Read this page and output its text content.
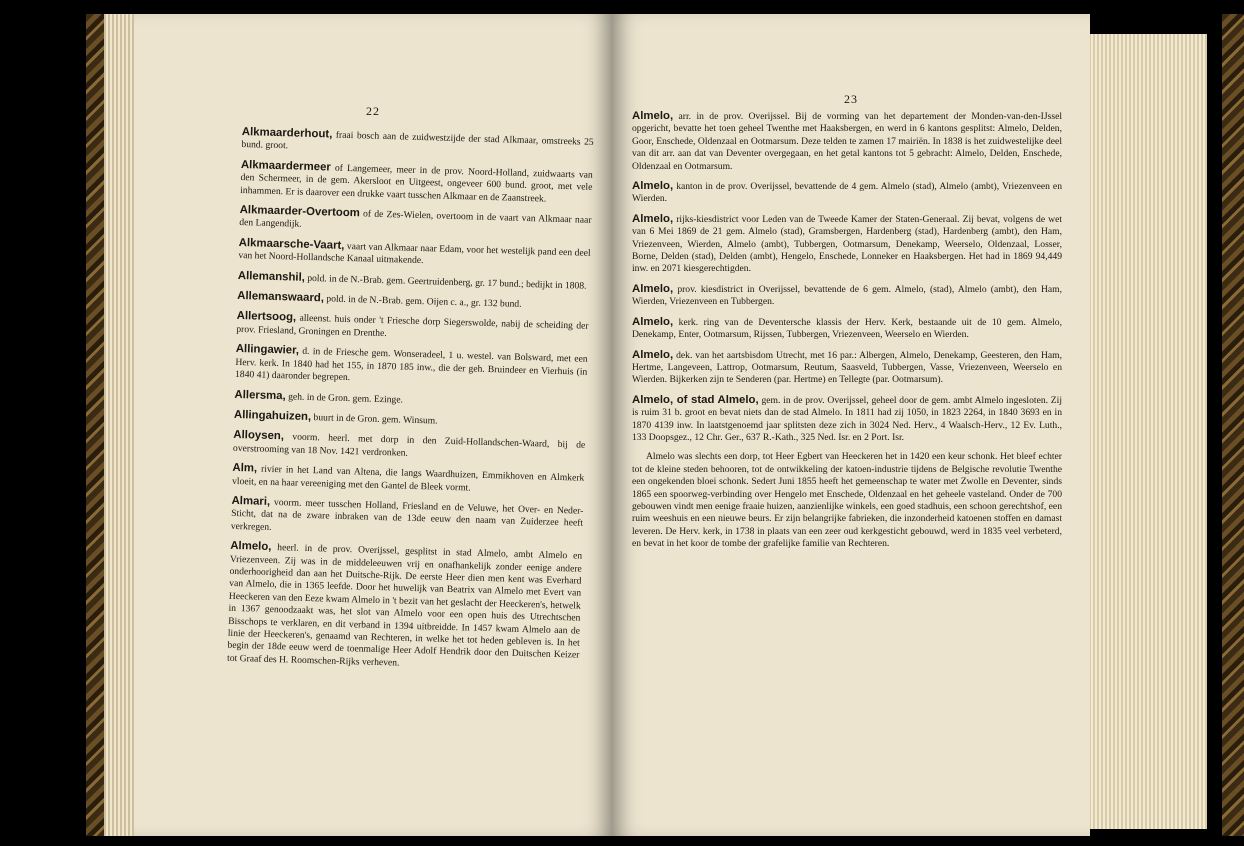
22

Alkmaarderhout, fraai bosch aan de zuidwestzijde der stad Alkmaar, omstreeks 25 bund. groot.

Alkmaardermeer of Langemeer, meer in de prov. Noord-Holland, zuidwaarts van den Schermeer, in de gem. Akersloot en Uitgeest, ongeveer 600 bund. groot, met vele inhammen. Er is daarover een drukke vaart tusschen Alkmaar en de Zaanstreek.

Alkmaarder-Overtoom of de Zes-Wielen, overtoom in de vaart van Alkmaar naar den Langendijk.

Alkmaarsche-Vaart, vaart van Alkmaar naar Edam, voor het westelijk pand een deel van het Noord-Hollandsche Kanaal uitmakende.

Allemanshil, pold. in de N.-Brab. gem. Geertruidenberg, gr. 17 bund.; bedijkt in 1808.

Allemanswaard, pold. in de N.-Brab. gem. Oijen c. a., gr. 132 bund.

Allertsoog, alleenst. huis onder 't Friesche dorp Siegerswolde, nabij de scheiding der prov. Friesland, Groningen en Drenthe.

Allingawier, d. in de Friesche gem. Wonseradeel, 1 u. westel. van Bolsward, met een Herv. kerk. In 1840 had het 155, in 1870 185 inw., die der geh. Bruindeer en Vierhuis (in 1840 41) daaronder begrepen.

Allersma, geh. in de Gron. gem. Ezinge.

Allingahuizen, buurt in de Gron. gem. Winsum.

Alloysen, voorm. heerl. met dorp in den Zuid-Hollandschen-Waard, bij de overstrooming van 18 Nov. 1421 verdronken.

Alm, rivier in het Land van Altena, die langs Waardhuizen, Emmikhoven en Almkerk vloeit, en na haar vereeniging met den Gantel de Bleek vormt.

Almari, voorm. meer tusschen Holland, Friesland en de Veluwe, het Over- en Neder-Sticht, dat na de zware inbraken van de 13de eeuw den naam van Zuiderzee heeft verkregen.

Almelo, heerl. in de prov. Overijssel, gesplitst in stad Almelo, ambt Almelo en Vriezenveen. Zij was in de middeleeuwen vrij en onafhankelijk zonder eenige andere onderhoorigheid dan aan het Duitsche-Rijk. De eerste Heer dien men kent was Everhard van Almelo, die in 1365 leefde. Door het huwelijk van Beatrix van Almelo met Evert van Heeckeren van den Eeze kwam Almelo in 't bezit van het geslacht der Heeckeren's, hetwelk in 1367 genoodzaakt was, het slot van Almelo voor een open huis des Utrechtschen Bisschops te verklaren, en dit verband in 1394 uitbreidde. In 1457 kwam Almelo aan de linie der Heeckeren's, genaamd van Rechteren, in welke het tot heden gebleven is. In het begin der 18de eeuw werd de toenmalige Heer Adolf Hendrik door den Duitschen Keizer tot Graaf des H. Roomschen-Rijks verheven.

23

Almelo, arr. in de prov. Overijssel. Bij de vorming van het departement der Monden-van-den-IJssel opgericht, bevatte het toen geheel Twenthe met Haaksbergen, en werd in 6 kantons gesplitst: Almelo, Delden, Goor, Enschede, Oldenzaal en Ootmarsum. Deze telden te zamen 17 mairiën. In 1838 is het zuidwestelijke deel van dit arr. aan dat van Deventer overgegaan, en het getal kantons tot 5 gebracht: Almelo, Delden, Enschede, Oldenzaal en Ootmarsum.

Almelo, kanton in de prov. Overijssel, bevattende de 4 gem. Almelo (stad), Almelo (ambt), Vriezenveen en Wierden.

Almelo, rijks-kiesdistrict voor Leden van de Tweede Kamer der Staten-Generaal. Zij bevat, volgens de wet van 6 Mei 1869 de 21 gem. Almelo (stad), Gramsbergen, Hardenberg (stad), Hardenberg (ambt), den Ham, Vriezenveen, Wierden, Almelo (ambt), Tubbergen, Ootmarsum, Denekamp, Weerselo, Oldenzaal, Losser, Borne, Delden (stad), Delden (ambt), Hengelo, Enschede, Lonneker en Haaksbergen. Het had in 1869 94,449 inw. en 2071 kiesgerechtigden.

Almelo, prov. kiesdistrict in Overijssel, bevattende de 6 gem. Almelo, (stad), Almelo (ambt), den Ham, Wierden, Vriezenveen en Tubbergen.

Almelo, kerk. ring van de Deventersche klassis der Herv. Kerk, bestaande uit de 10 gem. Almelo, Denekamp, Enter, Ootmarsum, Rijssen, Tubbergen, Vriezenveen, Weerselo en Wierden.

Almelo, dek. van het aartsbisdom Utrecht, met 16 par.: Albergen, Almelo, Denekamp, Geesteren, den Ham, Hertme, Langeveen, Lattrop, Ootmarsum, Reutum, Saasveld, Tubbergen, Vasse, Vriezenveen, Weerselo en Wierden. Bijkerken zijn te Senderen (par. Hertme) en Tellegte (par. Ootmarsum).

Almelo, of stad Almelo, gem. in de prov. Overijssel, geheel door de gem. ambt Almelo ingesloten. Zij is ruim 31 b. groot en bevat niets dan de stad Almelo. In 1811 had zij 1050, in 1823 2264, in 1840 3693 en in 1870 4139 inw. In laatstgenoemd jaar splitsten deze zich in 3024 Ned. Herv., 4 Waalsch-Herv., 12 Ev. Luth., 133 Doopsgez., 12 Chr. Ger., 637 R.-Kath., 325 Ned. Isr. en 2 Port. Isr.

Almelo was slechts een dorp, tot Heer Egbert van Heeckeren het in 1420 een keur schonk. Het bleef echter tot de kleine steden behooren, tot de ontwikkeling der katoen-industrie tijdens de Belgische revolutie Twenthe een ongekenden bloei schonk. Sedert Juni 1855 heeft het gemeenschap te water met Zwolle en Deventer, sinds 1865 een spoorweg-verbinding over Hengelo met Enschede, Oldenzaal en het geheele vasteland. Onder de 700 gebouwen vindt men eenige fraaie huizen, aanzienlijke winkels, een goed stadhuis, een schoon gerechtshof, een ruim weeshuis en een nieuwe beurs. Er zijn belangrijke fabrieken, die inzonderheid katoenen stoffen en damast leveren. De Herv. kerk, in 1738 in plaats van een zeer oud kerkgesticht gebouwd, werd in 1835 veel verbeterd, en bevat in het koor de tombe der grafelijke familie van Rechteren.
